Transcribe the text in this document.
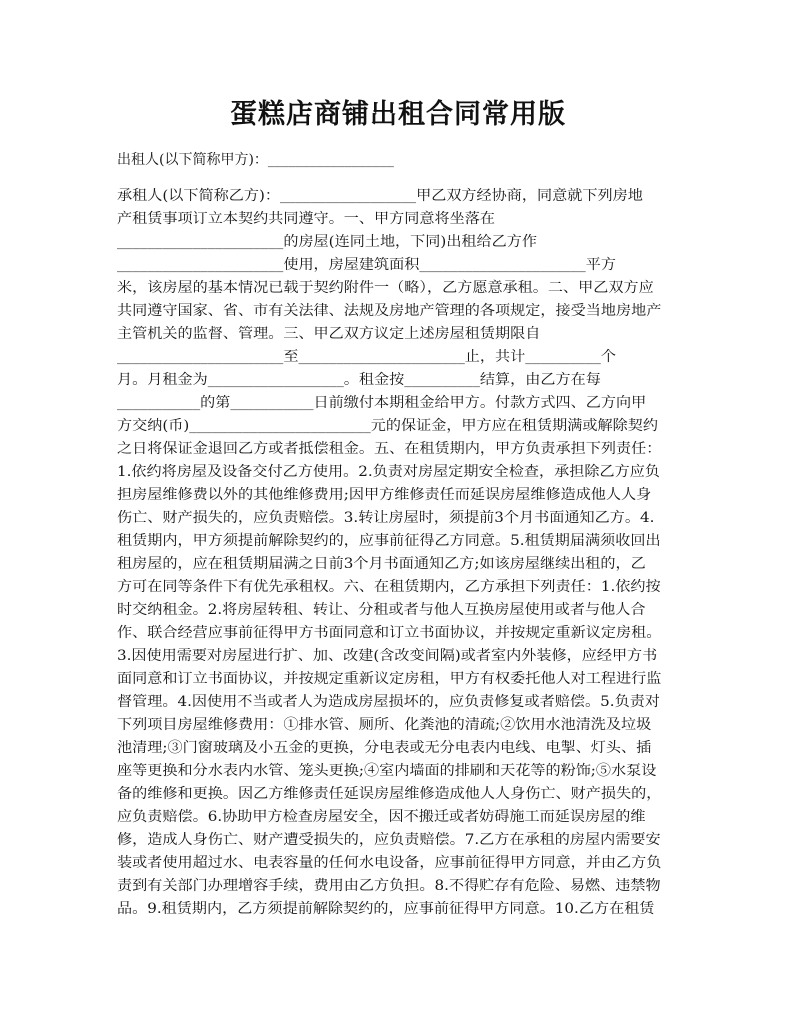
蛋糕店商铺出租合同常用版
出租人(以下简称甲方)：__________________
承租人(以下简称乙方)：__________________甲乙双方经协商，同意就下列房地
产租赁事项订立本契约共同遵守。一、甲方同意将坐落在
______________________的房屋(连同土地，下同)出租给乙方作
______________________使用，房屋建筑面积______________________平方
米，该房屋的基本情况已载于契约附件一（略），乙方愿意承租。二、甲乙双方应
共同遵守国家、省、市有关法律、法规及房地产管理的各项规定，接受当地房地产
主管机关的监督、管理。三、甲乙双方议定上述房屋租赁期限自
______________________至______________________止，共计__________个
月。月租金为__________________。租金按__________结算，由乙方在每
___________的第___________日前缴付本期租金给甲方。付款方式四、乙方向甲
方交纳(币)________________________元的保证金，甲方应在租赁期满或解除契约
之日将保证金退回乙方或者抵偿租金。五、在租赁期内，甲方负责承担下列责任：
1.依约将房屋及设备交付乙方使用。2.负责对房屋定期安全检查，承担除乙方应负
担房屋维修费以外的其他维修费用;因甲方维修责任而延误房屋维修造成他人人身
伤亡、财产损失的，应负责赔偿。3.转让房屋时，须提前3个月书面通知乙方。4.
租赁期内，甲方须提前解除契约的，应事前征得乙方同意。5.租赁期届满须收回出
租房屋的，应在租赁期届满之日前3个月书面通知乙方;如该房屋继续出租的，乙
方可在同等条件下有优先承租权。六、在租赁期内，乙方承担下列责任：1.依约按
时交纳租金。2.将房屋转租、转让、分租或者与他人互换房屋使用或者与他人合
作、联合经营应事前征得甲方书面同意和订立书面协议，并按规定重新议定房租。
3.因使用需要对房屋进行扩、加、改建(含改变间隔)或者室内外装修，应经甲方书
面同意和订立书面协议，并按规定重新议定房租，甲方有权委托他人对工程进行监
督管理。4.因使用不当或者人为造成房屋损坏的，应负责修复或者赔偿。5.负责对
下列项目房屋维修费用：①排水管、厕所、化粪池的清疏;②饮用水池清洗及垃圾
池清理;③门窗玻璃及小五金的更换，分电表或无分电表内电线、电掣、灯头、插
座等更换和分水表内水管、笼头更换;④室内墙面的排刷和天花等的粉饰;⑤水泵设
备的维修和更换。因乙方维修责任延误房屋维修造成他人人身伤亡、财产损失的，
应负责赔偿。6.协助甲方检查房屋安全，因不搬迁或者妨碍施工而延误房屋的维
修，造成人身伤亡、财产遭受损失的，应负责赔偿。7.乙方在承租的房屋内需要安
装或者使用超过水、电表容量的任何水电设备，应事前征得甲方同意，并由乙方负
责到有关部门办理增容手续，费用由乙方负担。8.不得贮存有危险、易燃、违禁物
品。9.租赁期内，乙方须提前解除契约的，应事前征得甲方同意。10.乙方在租赁
